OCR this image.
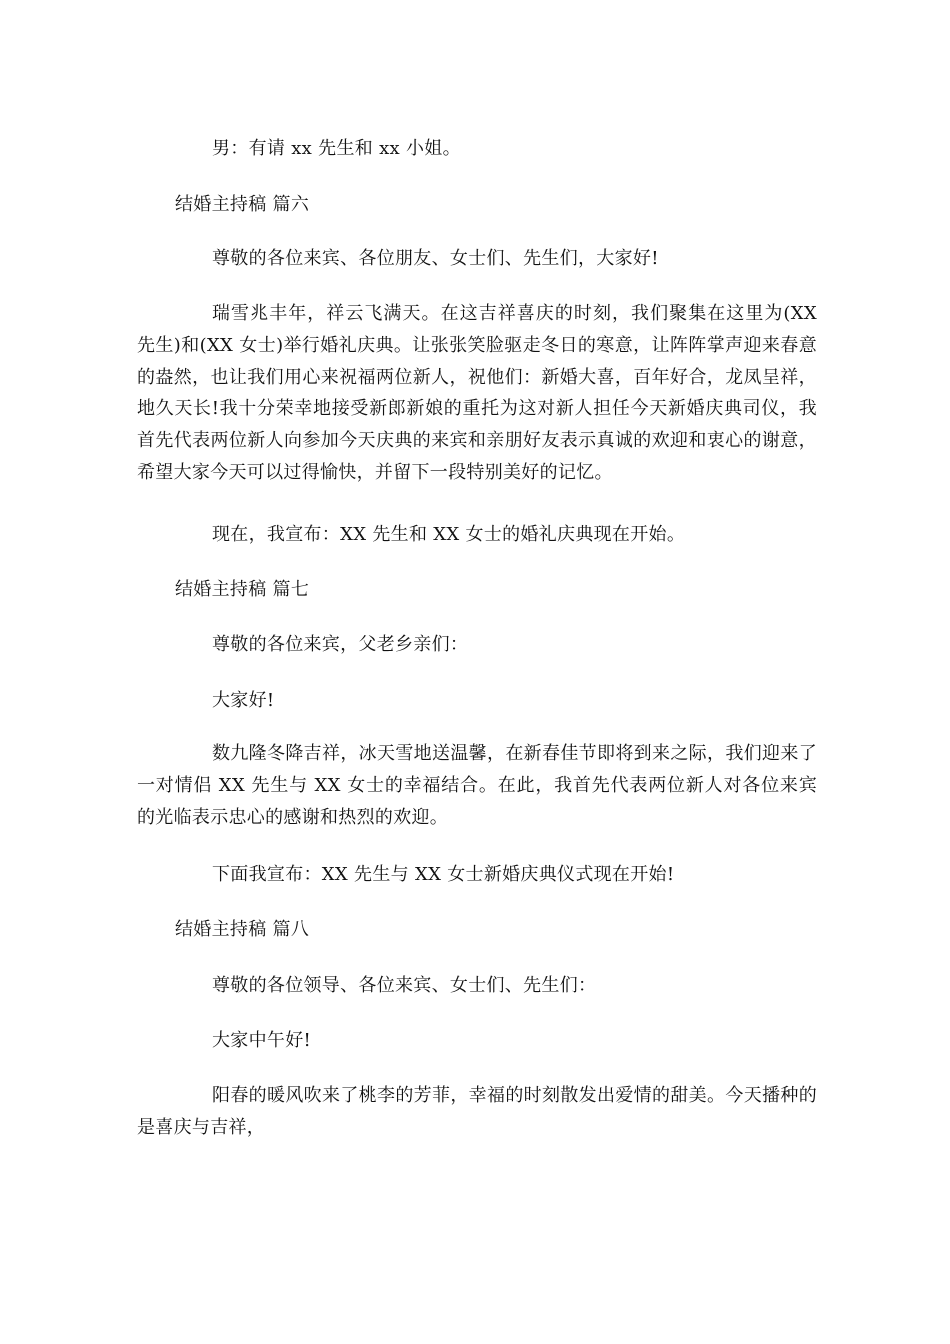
男：有请 xx 先生和 xx 小姐。

结婚主持稿 篇六

尊敬的各位来宾、各位朋友、女士们、先生们，大家好!

瑞雪兆丰年，祥云飞满天。在这吉祥喜庆的时刻，我们聚集在这里为(XX 先生)和(XX 女士)举行婚礼庆典。让张张笑脸驱走冬日的寒意，让阵阵掌声迎来春意的盎然，也让我们用心来祝福两位新人，祝他们：新婚大喜，百年好合，龙凤呈祥，地久天长!我十分荣幸地接受新郎新娘的重托为这对新人担任今天新婚庆典司仪，我首先代表两位新人向参加今天庆典的来宾和亲朋好友表示真诚的欢迎和衷心的谢意，希望大家今天可以过得愉快，并留下一段特别美好的记忆。

现在，我宣布：XX 先生和 XX 女士的婚礼庆典现在开始。

结婚主持稿 篇七

尊敬的各位来宾，父老乡亲们：

大家好!

数九隆冬降吉祥，冰天雪地送温馨，在新春佳节即将到来之际，我们迎来了一对情侣 XX 先生与 XX 女士的幸福结合。在此，我首先代表两位新人对各位来宾的光临表示忠心的感谢和热烈的欢迎。

下面我宣布：XX 先生与 XX 女士新婚庆典仪式现在开始!

结婚主持稿 篇八

尊敬的各位领导、各位来宾、女士们、先生们：

大家中午好!

阳春的暖风吹来了桃李的芳菲，幸福的时刻散发出爱情的甜美。今天播种的是喜庆与吉祥，
